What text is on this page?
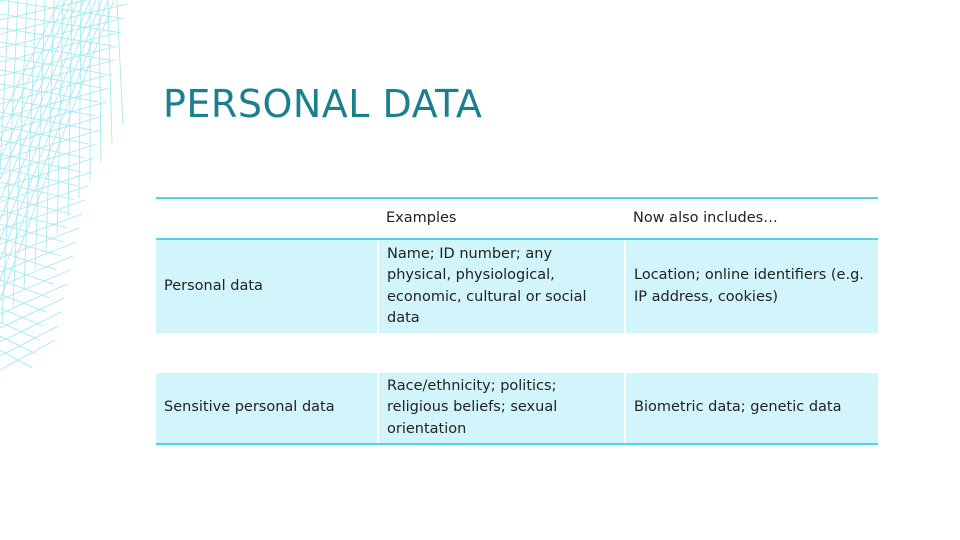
PERSONAL DATA
	Examples	Now also includes…
Personal data	Name; ID number; any physical, physiological, economic, cultural or social data	Location; online identifiers (e.g. IP address, cookies)

Sensitive personal data	Race/ethnicity; politics; religious beliefs; sexual orientation	Biometric data; genetic data
